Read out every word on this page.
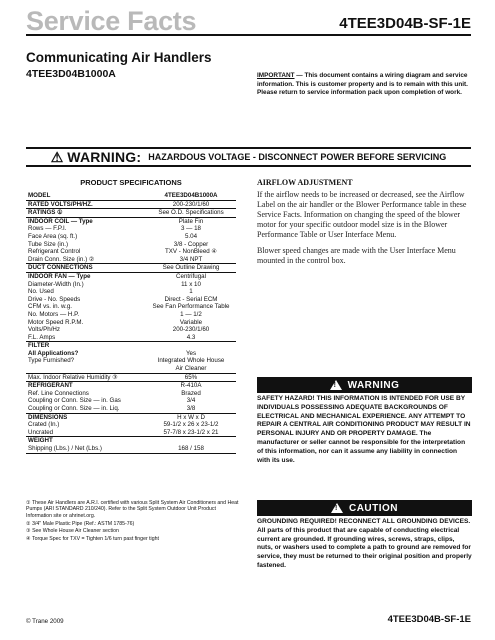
Service Facts	4TEE3D04B-SF-1E
Communicating Air Handlers
4TEE3D04B1000A	IMPORTANT — This document contains a wiring diagram and service information. This is customer property and is to remain with this unit. Please return to service information pack upon completion of work.
⚠ WARNING: HAZARDOUS VOLTAGE - DISCONNECT POWER BEFORE SERVICING
PRODUCT SPECIFICATIONS
MODEL	4TEE3D04B1000A
RATED VOLTS/PH/HZ.	200-230/1/60
RATINGS ①	See O.D. Specifications
INDOOR COIL — Type	Plate Fin
Rows — F.P.I.	3 — 18
Face Area (sq. ft.)	5.04
Tube Size (in.)	3/8 - Copper
Refrigerant Control	TXV - NonBleed ④
Drain Conn. Size (in.) ②	3/4 NPT
DUCT CONNECTIONS	See Outline Drawing
INDOOR FAN — Type	Centrifugal
Diameter-Width (In.)	11 x 10
No. Used	1
Drive - No. Speeds	Direct - Serial ECM
CFM vs. in. w.g.	See Fan Performance Table
No. Motors — H.P.	1 — 1/2
Motor Speed R.P.M.	Variable
Volts/Ph/Hz	200-230/1/60
F.L. Amps	4.3
FILTER
All Applications?	Yes
Type Furnished?	Integrated Whole House
Air Cleaner
Max. Indoor Relative Humidity ③	65%
REFRIGERANT	R-410A
Ref. Line Connections	Brazed
Coupling or Conn. Size — in. Gas	3/4
Coupling or Conn. Size — in. Liq.	3/8
DIMENSIONS	H x W x D
Crated (In.)	59-1/2 x 26 x 23-1/2
Uncrated	57-7/8 x 23-1/2 x 21
WEIGHT
Shipping (Lbs.) / Net (Lbs.)	168 / 158

① These Air Handlers are A.R.I. certified with various Split System Air Conditioners and Heat Pumps (ARI STANDARD 210/240). Refer to the Split System Outdoor Unit Product Information site or ahrinet.org.

② 3/4" Male Plastic Pipe (Ref.: ASTM 1785-76)

③ See Whole House Air Cleaner section

④ Torque Spec for TXV = Tighten 1/6 turn past finger tight

AIRFLOW ADJUSTMENT

If the airflow needs to be increased or decreased, see the Airflow Label on the air handler or the Blower Performance table in these Service Facts. Information on changing the speed of the blower motor for your specific outdoor model size is in the Blower Performance Table or User Interface Menu.

Blower speed changes are made with the User Interface Menu mounted in the control box.

! WARNING
SAFETY HAZARD! THIS INFORMATION IS INTENDED FOR USE BY INDIVIDUALS POSSESSING ADEQUATE BACKGROUNDS OF ELECTRICAL AND MECHANICAL EXPERIENCE. ANY ATTEMPT TO REPAIR A CENTRAL AIR CONDITIONING PRODUCT MAY RESULT IN PERSONAL INJURY AND OR PROPERTY DAMAGE. The manufacturer or seller cannot be responsible for the interpretation of this information, nor can it assume any liability in connection with its use.
! CAUTION
GROUNDING REQUIRED! RECONNECT ALL GROUNDING DEVICES. All parts of this product that are capable of conducting electrical current are grounded. If grounding wires, screws, straps, clips, nuts, or washers used to complete a path to ground are removed for service, they must be returned to their original position and properly fastened.
© Trane 2009	4TEE3D04B-SF-1E
